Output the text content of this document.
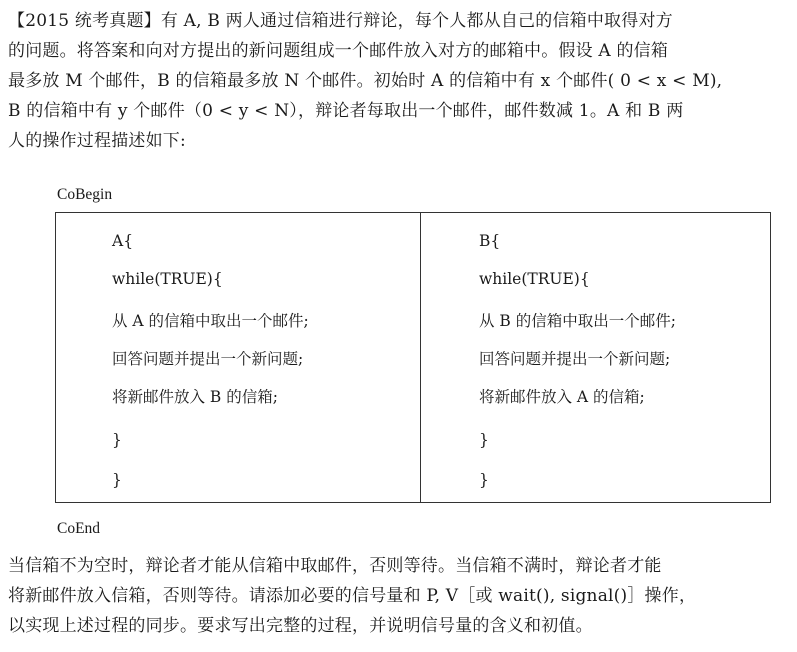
【2015 统考真题】有 A, B 两人通过信箱进行辩论，每个人都从自己的信箱中取得对方

的问题。将答案和向对方提出的新问题组成一个邮件放入对方的邮箱中。假设 A 的信箱

最多放 M 个邮件，B 的信箱最多放 N 个邮件。初始时 A 的信箱中有 x 个邮件( 0 < x < M),

B 的信箱中有 y 个邮件（0 < y < N），辩论者每取出一个邮件，邮件数减 1。A 和 B 两

人的操作过程描述如下:

CoBegin
A{
while(TRUE){
从 A 的信箱中取出一个邮件;
回答问题并提出一个新问题;
将新邮件放入 B 的信箱;
}
}
B{
while(TRUE){
从 B 的信箱中取出一个邮件;
回答问题并提出一个新问题;
将新邮件放入 A 的信箱;
}
}
CoEnd

当信箱不为空时，辩论者才能从信箱中取邮件，否则等待。当信箱不满时，辩论者才能

将新邮件放入信箱，否则等待。请添加必要的信号量和 P, V［或 wait(), signal()］操作，

以实现上述过程的同步。要求写出完整的过程，并说明信号量的含义和初值。
